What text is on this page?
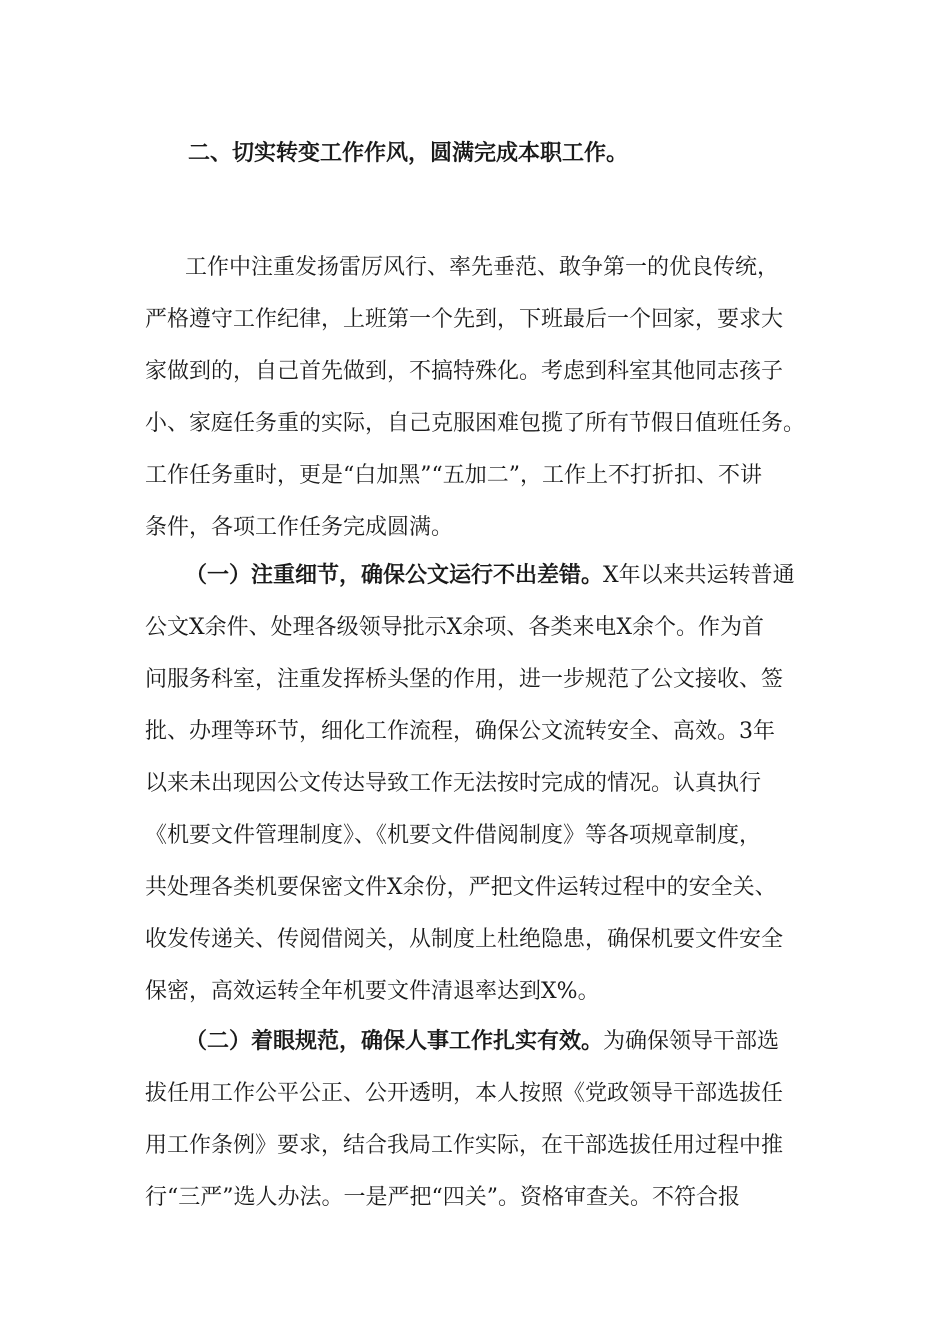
二、切实转变工作作风，圆满完成本职工作。
工作中注重发扬雷厉风行、率先垂范、敢争第一的优良传统，
严格遵守工作纪律，上班第一个先到，下班最后一个回家，要求大
家做到的，自己首先做到，不搞特殊化。考虑到科室其他同志孩子
小、家庭任务重的实际，自己克服困难包揽了所有节假日值班任务。
工作任务重时，更是“白加黑”“五加二”，工作上不打折扣、不讲
条件，各项工作任务完成圆满。
（一）注重细节，确保公文运行不出差错。X年以来共运转普通
公文X余件、处理各级领导批示X余项、各类来电X余个。作为首
问服务科室，注重发挥桥头堡的作用，进一步规范了公文接收、签
批、办理等环节，细化工作流程，确保公文流转安全、高效。3年
以来未出现因公文传达导致工作无法按时完成的情况。认真执行
《机要文件管理制度》、《机要文件借阅制度》等各项规章制度，
共处理各类机要保密文件X余份，严把文件运转过程中的安全关、
收发传递关、传阅借阅关，从制度上杜绝隐患，确保机要文件安全
保密，高效运转全年机要文件清退率达到X%。
（二）着眼规范，确保人事工作扎实有效。为确保领导干部选
拔任用工作公平公正、公开透明，本人按照《党政领导干部选拔任
用工作条例》要求，结合我局工作实际，在干部选拔任用过程中推
行“三严”选人办法。一是严把“四关”。资格审查关。不符合报
